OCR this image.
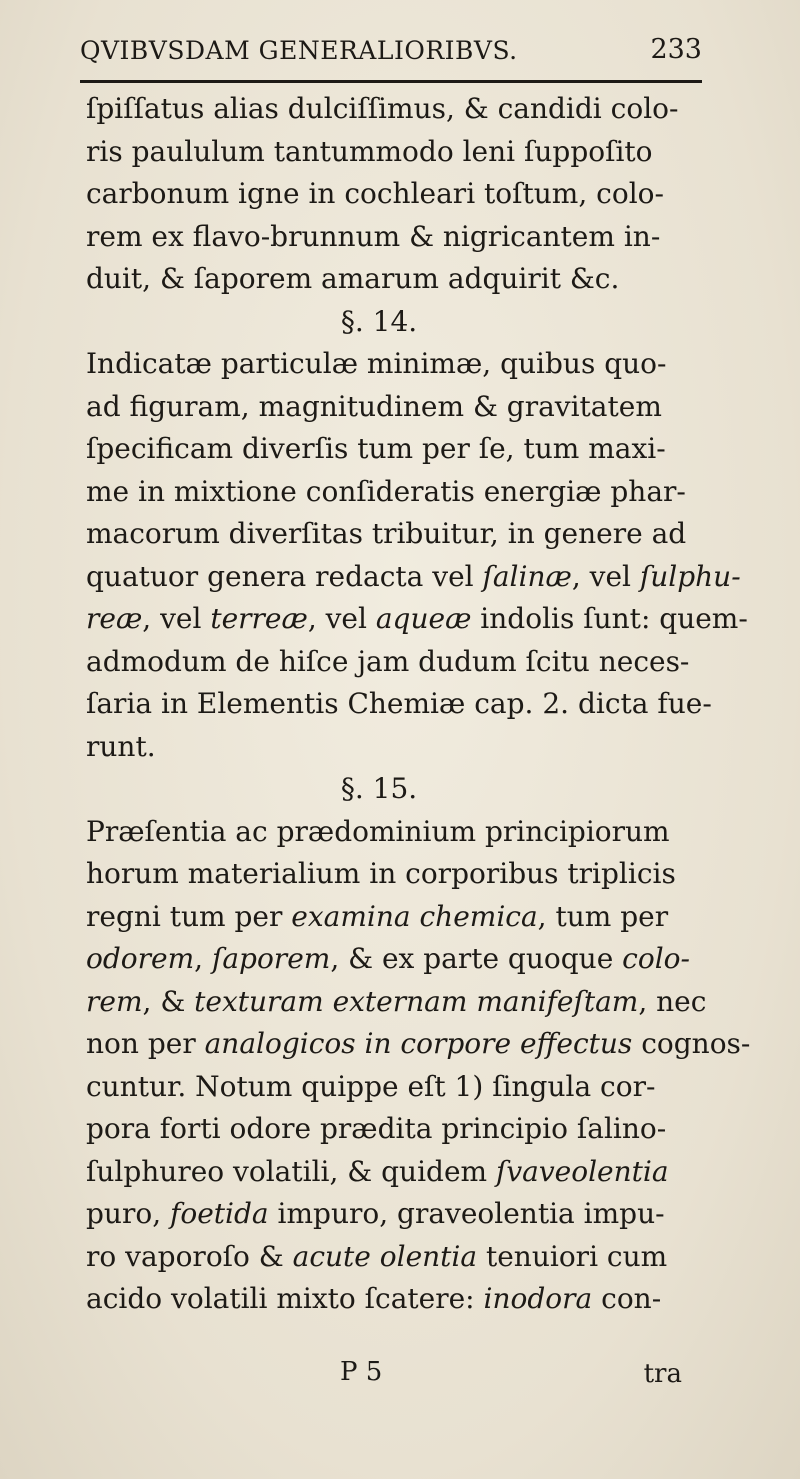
QVIBVSDAM GENERALIORIBVS.	233
ſpiſſatus alias dulciſſimus, & candidi colo-
ris paululum tantummodo leni ſuppoſito
carbonum igne in cochleari toſtum, colo-
rem ex flavo-brunnum & nigricantem in-
duit, & ſaporem amarum adquirit &c.
§. 14.
Indicatæ particulæ minimæ, quibus quo-
ad figuram, magnitudinem & gravitatem
ſpecificam diverſis tum per ſe, tum maxi-
me in mixtione conſideratis energiæ phar-
macorum diverſitas tribuitur, in genere ad
quatuor genera redacta vel ſalinæ, vel ſulphu-
reæ, vel terreæ, vel aqueæ indolis ſunt: quem-
admodum de hiſce jam dudum ſcitu neces-
ſaria in Elementis Chemiæ cap. 2. dicta fue-
runt.
§. 15.
Præſentia ac prædominium principiorum
horum materialium in corporibus triplicis
regni tum per examina chemica, tum per
odorem, ſaporem, & ex parte quoque colo-
rem, & texturam externam manifeſtam, nec
non per analogicos in corpore effectus cognos-
cuntur. Notum quippe eſt 1) ſingula cor-
pora forti odore prædita principio ſalino-
ſulphureo volatili, & quidem ſvaveolentia
puro, foetida impuro, graveolentia impu-
ro vaporoſo & acute olentia tenuiori cum
acido volatili mixto ſcatere: inodora con-
P 5	tra
